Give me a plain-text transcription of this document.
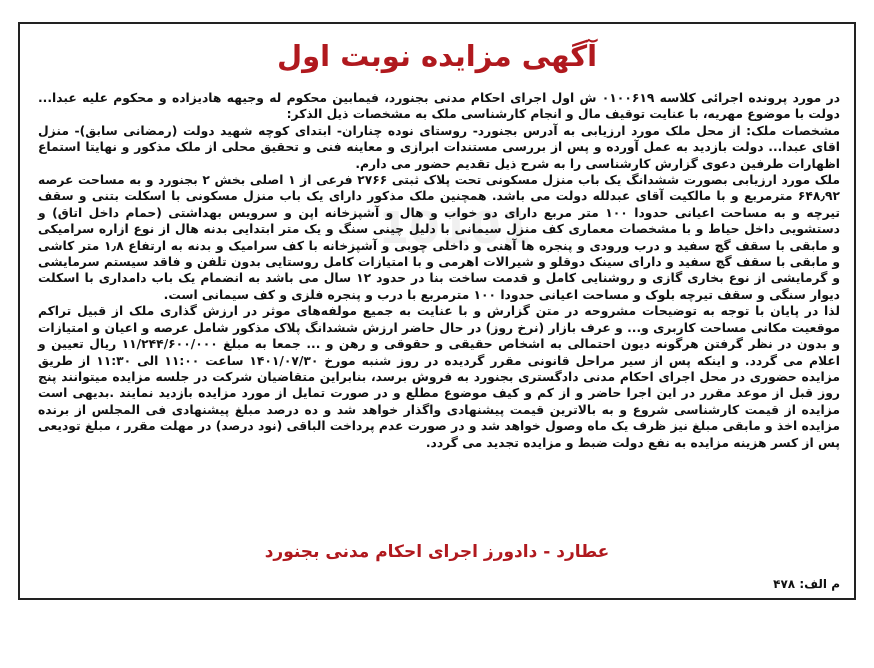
10101
آگهی مزایده نوبت اول

در مورد پرونده اجرائی کلاسه ۰۱۰۰۶۱۹ ش اول اجرای احکام مدنی بجنورد، فیمابین محکوم له وجیهه هادیزاده و محکوم علیه عبدا... دولت با موضوع مهریه، با عنایت توقیف مال و انجام کارشناسی ملک به مشخصات ذیل الذکر:

مشخصات ملک: از محل ملک مورد ارزیابی به آدرس بجنورد- روستای نوده چناران- ابتدای کوچه شهید دولت (رمضانی سابق)- منزل اقای عبدا... دولت بازدید به عمل آورده و پس از بررسی مستندات ابرازی و معاینه فنی و تحقیق محلی از ملک مذکور و نهایتا استماع اظهارات طرفین دعوی گزارش کارشناسی را به شرح ذیل تقدیم حضور می دارم.

ملک مورد ارزیابی بصورت ششدانگ یک باب منزل مسکونی تحت پلاک ثبتی ۲۷۶۶ فرعی از ۱ اصلی بخش ۲ بجنورد و به مساحت عرصه ۶۴۸٫۹۲ مترمربع و با مالکیت آقای عبدلله دولت می باشد. همچنین ملک مذکور دارای یک باب منزل مسکونی با اسکلت بتنی و سقف تیرچه و به مساحت اعیانی حدودا ۱۰۰ متر مربع دارای دو خواب و هال و آشپزخانه اپن و سرویس بهداشتی (حمام داخل اتاق) و دستشویی داخل حیاط و با مشخصات معماری کف منزل سیمانی با دلیل چینی سنگ و یک متر ابتدایی بدنه هال از نوع ازاره سرامیکی و مابقی با سقف گچ سفید و درب ورودی و پنجره ها آهنی و داخلی چوبی و آشپزخانه با کف سرامیک و بدنه به ارتفاع ۱٫۸ متر کاشی و مابقی با سقف گچ سفید و دارای سینک دوقلو و شیرالات اهرمی و با امتیازات کامل روستایی بدون تلفن و فاقد سیستم سرمایشی و گرمایشی از نوع بخاری گازی و روشنایی کامل و قدمت ساخت بنا در حدود ۱۲ سال می باشد به انضمام یک باب دامداری با اسکلت دیوار سنگی و سقف تیرچه بلوک و مساحت اعیانی حدودا ۱۰۰ مترمربع با درب و پنجره فلزی و کف سیمانی است.

لذا در پایان با توجه به توضیحات مشروحه در متن گزارش و با عنایت به جمیع مولفه‌های موثر در ارزش گذاری ملک از قبیل تراکم موقعیت مکانی مساحت کاربری و... و عرف بازار (نرخ روز) در حال حاضر ارزش ششدانگ پلاک مذکور شامل عرصه و اعیان و امتیازات و بدون در نظر گرفتن هرگونه دیون احتمالی به اشخاص حقیقی و حقوقی و رهن و ... جمعا به مبلغ ۱۱/۲۴۴/۶۰۰/۰۰۰ ریال تعیین و اعلام می گردد. و اینکه پس از سیر مراحل قانونی مقرر گردیده در روز شنبه مورخ ۱۴۰۱/۰۷/۳۰ ساعت ۱۱:۰۰ الی ۱۱:۳۰ از طریق مزایده حضوری در محل اجرای احکام مدنی دادگستری بجنورد به فروش برسد، بنابراین متقاضیان شرکت در جلسه مزایده میتوانند پنج روز قبل از موعد مقرر در این اجرا حاضر و از کم و کیف موضوع مطلع و در صورت تمایل از مورد مزایده بازدید نمایند .بدیهی است مزایده از قیمت کارشناسی شروع و به بالاترین قیمت پیشنهادی واگذار خواهد شد و ده درصد مبلغ پیشنهادی فی المجلس از برنده مزایده اخذ و مابقی مبلغ نیز ظرف یک ماه وصول خواهد شد و در صورت عدم پرداخت الباقی (نود درصد) در مهلت مقرر ، مبلغ تودیعی پس از کسر هزینه مزایده به نفع دولت ضبط و مزایده تجدید می گردد.

عطارد - دادورز اجرای احکام مدنی بجنورد
م الف: ۴۷۸
